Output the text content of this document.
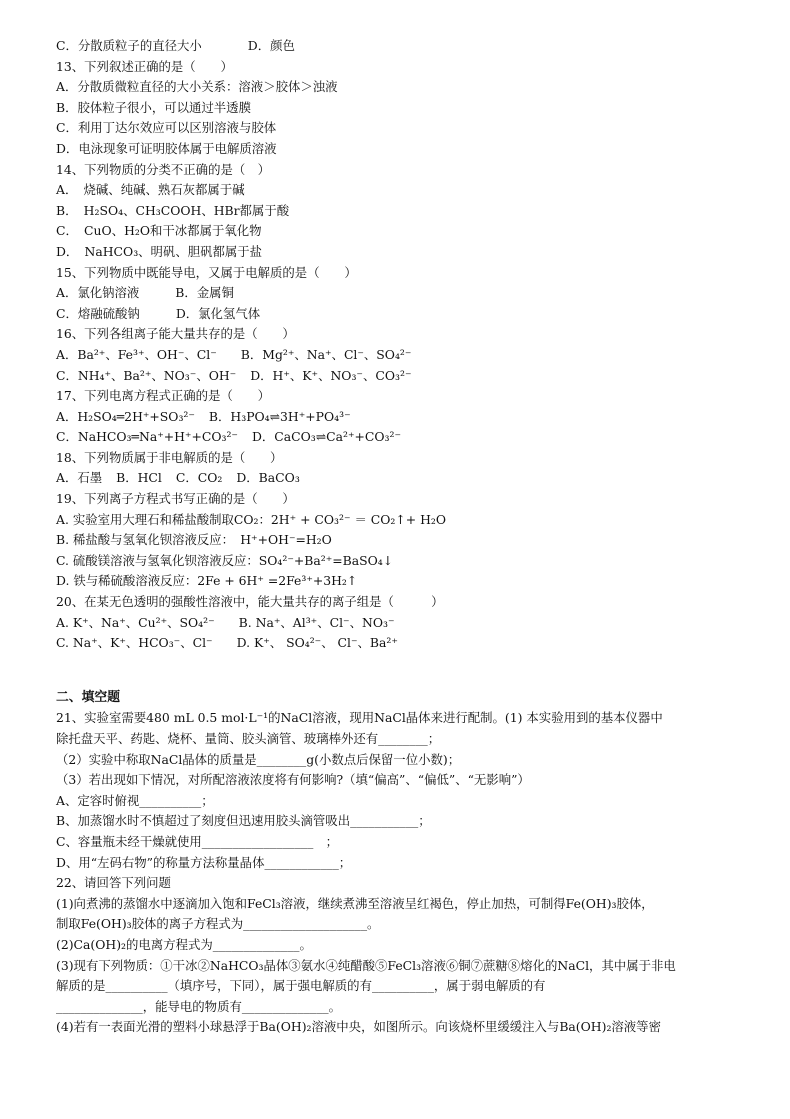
C．分散质粒子的直径大小	D．颜色
13、下列叙述正确的是（　　）
A．分散质微粒直径的大小关系：溶液＞胶体＞浊液
B．胶体粒子很小，可以通过半透膜
C．利用丁达尔效应可以区别溶液与胶体
D．电泳现象可证明胶体属于电解质溶液
14、下列物质的分类不正确的是（　）
A．　烧碱、纯碱、熟石灰都属于碱
B．　H₂SO₄、CH₃COOH、HBr都属于酸
C．　CuO、H₂O和干冰都属于氧化物
D．　NaHCO₃、明矾、胆矾都属于盐
15、下列物质中既能导电，又属于电解质的是（　　）
A．氯化钠溶液	B．金属铜
C．熔融硫酸钠	D．氯化氢气体
16、下列各组离子能大量共存的是（　　）
A．Ba²⁺、Fe³⁺、OH⁻、Cl⁻ B．Mg²⁺、Na⁺、Cl⁻、SO₄²⁻
C．NH₄⁺、Ba²⁺、NO₃⁻、OH⁻ D．H⁺、K⁺、NO₃⁻、CO₃²⁻
17、下列电离方程式正确的是（　　）
A．H₂SO₄═2H⁺+SO₃²⁻ B．H₃PO₄⇌3H⁺+PO₄³⁻
C．NaHCO₃═Na⁺+H⁺+CO₃²⁻ D．CaCO₃⇌Ca²⁺+CO₃²⁻
18、下列物质属于非电解质的是（　　）
A．石墨 B．HCl C．CO₂ D．BaCO₃
19、下列离子方程式书写正确的是（　　）
A. 实验室用大理石和稀盐酸制取CO₂：2H⁺ + CO₃²⁻ ＝ CO₂↑+ H₂O
B. 稀盐酸与氢氧化钡溶液反应：　H⁺+OH⁻=H₂O
C. 硫酸镁溶液与氢氧化钡溶液反应：SO₄²⁻+Ba²⁺=BaSO₄↓
D. 铁与稀硫酸溶液反应：2Fe + 6H⁺ =2Fe³⁺+3H₂↑
20、在某无色透明的强酸性溶液中，能大量共存的离子组是（　　　）
A. K⁺、Na⁺、Cu²⁺、SO₄²⁻ B. Na⁺、Al³⁺、Cl⁻、NO₃⁻
C. Na⁺、K⁺、HCO₃⁻、Cl⁻ D. K⁺、 SO₄²⁻、 Cl⁻、Ba²⁺
二、填空题
21、实验室需要480 mL 0.5 mol·L⁻¹的NaCl溶液，现用NaCl晶体来进行配制。(1) 本实验用到的基本仪器中
除托盘天平、药匙、烧杯、量筒、胶头滴管、玻璃棒外还有________；
（2）实验中称取NaCl晶体的质量是________g(小数点后保留一位小数)；
（3）若出现如下情况，对所配溶液浓度将有何影响?（填“偏高”、“偏低”、“无影响”）
A、定容时俯视__________；
B、加蒸馏水时不慎超过了刻度但迅速用胶头滴管吸出___________；
C、容量瓶未经干燥就使用__________________　；
D、用“左码右物”的称量方法称量晶体____________；
22、请回答下列问题
(1)向煮沸的蒸馏水中逐滴加入饱和FeCl₃溶液，继续煮沸至溶液呈红褐色，停止加热，可制得Fe(OH)₃胶体，
制取Fe(OH)₃胶体的离子方程式为____________________。
(2)Ca(OH)₂的电离方程式为______________。
(3)现有下列物质：①干冰②NaHCO₃晶体③氨水④纯醋酸⑤FeCl₃溶液⑥铜⑦蔗糖⑧熔化的NaCl，其中属于非电
解质的是__________（填序号，下同），属于强电解质的有__________，属于弱电解质的有
______________，能导电的物质有______________。
(4)若有一表面光滑的塑料小球悬浮于Ba(OH)₂溶液中央，如图所示。向该烧杯里缓缓注入与Ba(OH)₂溶液等密
